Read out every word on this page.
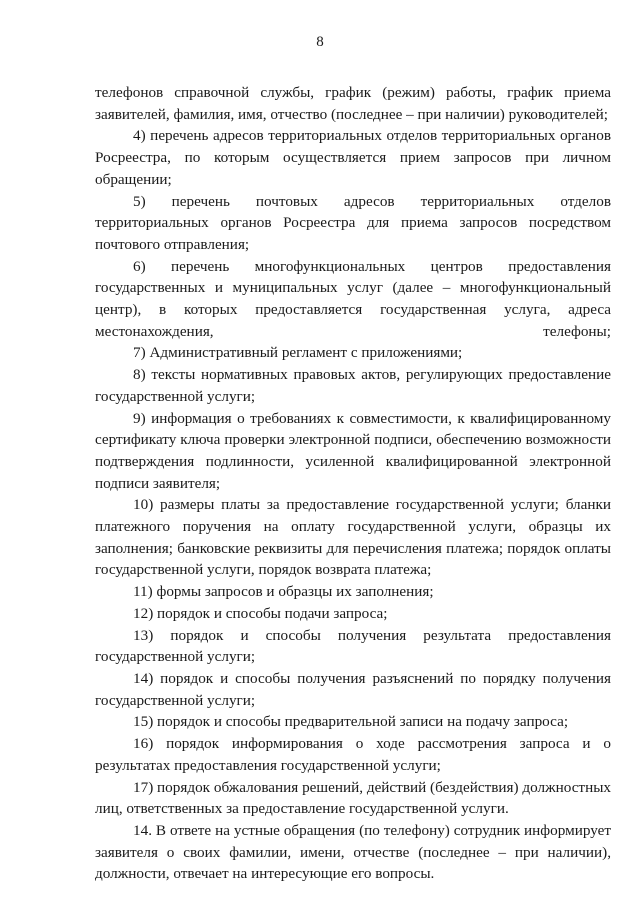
8

телефонов справочной службы, график (режим) работы, график приема заявителей, фамилия, имя, отчество (последнее – при наличии) руководителей;

4) перечень адресов территориальных отделов территориальных органов Росреестра, по которым осуществляется прием запросов при личном обращении;

5) перечень почтовых адресов территориальных отделов территориальных органов Росреестра для приема запросов посредством почтового отправления;

6) перечень многофункциональных центров предоставления государственных и муниципальных услуг (далее – многофункциональный центр), в которых предоставляется государственная услуга, адреса местонахождения, телефоны;

7) Административный регламент с приложениями;

8) тексты нормативных правовых актов, регулирующих предоставление государственной услуги;

9) информация о требованиях к совместимости, к квалифицированному сертификату ключа проверки электронной подписи, обеспечению возможности подтверждения подлинности, усиленной квалифицированной электронной подписи заявителя;

10) размеры платы за предоставление государственной услуги; бланки платежного поручения на оплату государственной услуги, образцы их заполнения; банковские реквизиты для перечисления платежа; порядок оплаты государственной услуги, порядок возврата платежа;

11) формы запросов и образцы их заполнения;

12) порядок и способы подачи запроса;

13) порядок и способы получения результата предоставления государственной услуги;

14) порядок и способы получения разъяснений по порядку получения государственной услуги;

15) порядок и способы предварительной записи на подачу запроса;

16) порядок информирования о ходе рассмотрения запроса и о результатах предоставления государственной услуги;

17) порядок обжалования решений, действий (бездействия) должностных лиц, ответственных за предоставление государственной услуги.

14. В ответе на устные обращения (по телефону) сотрудник информирует заявителя о своих фамилии, имени, отчестве (последнее – при наличии), должности, отвечает на интересующие его вопросы.
